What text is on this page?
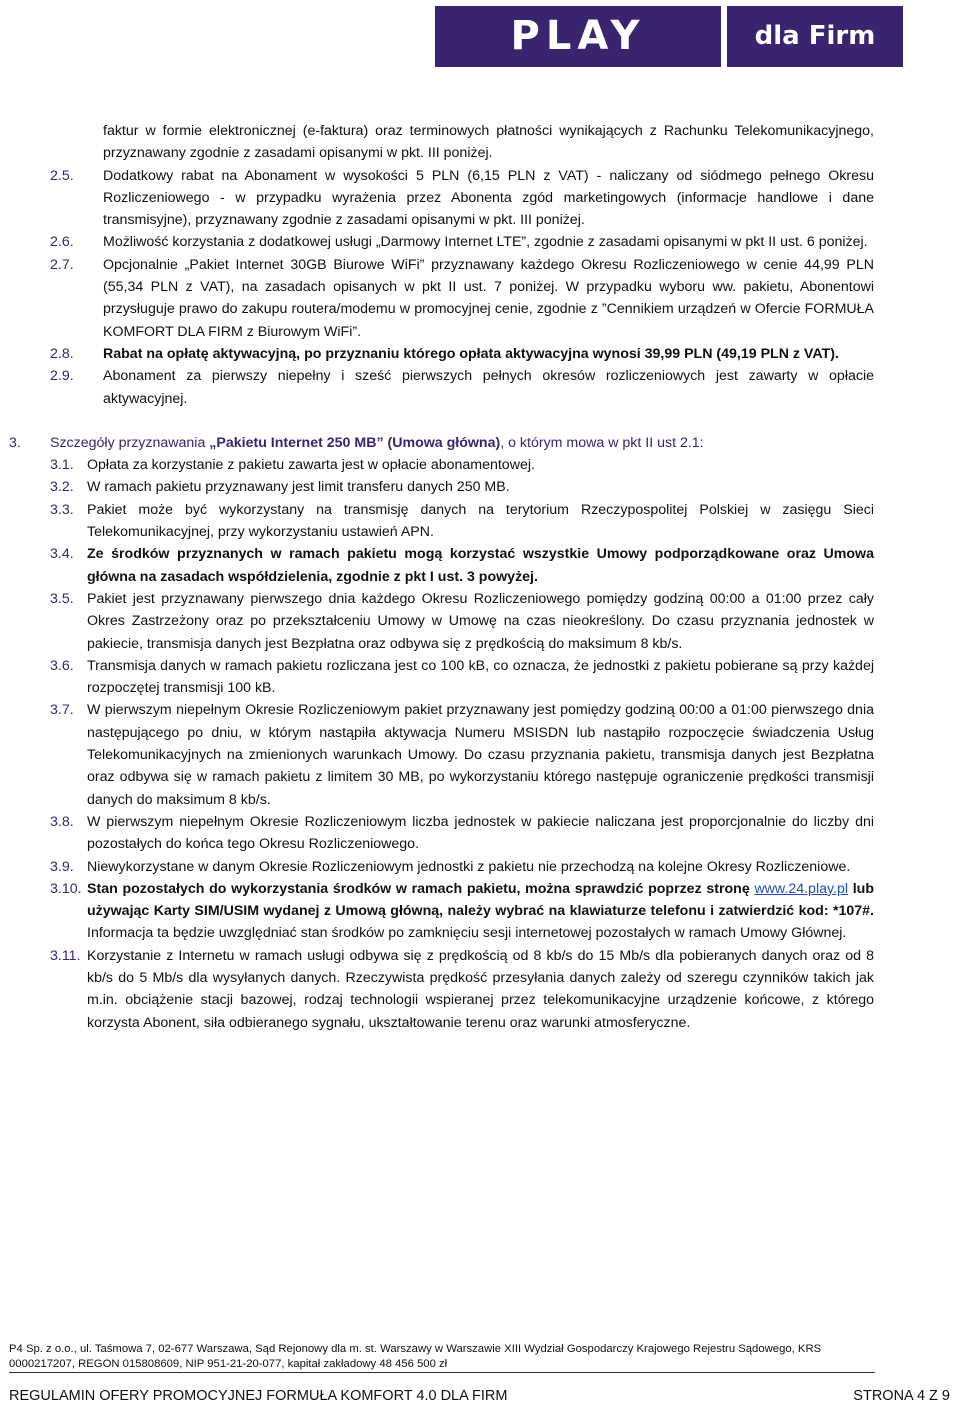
PLAY	dla Firm
faktur w formie elektronicznej (e-faktura) oraz terminowych płatności wynikających z Rachunku Telekomunikacyjnego, przyznawany zgodnie z zasadami opisanymi w pkt. III poniżej.
2.5. Dodatkowy rabat na Abonament w wysokości 5 PLN (6,15 PLN z VAT) - naliczany od siódmego pełnego Okresu Rozliczeniowego - w przypadku wyrażenia przez Abonenta zgód marketingowych (informacje handlowe i dane transmisyjne), przyznawany zgodnie z zasadami opisanymi w pkt. III poniżej.
2.6. Możliwość korzystania z dodatkowej usługi „Darmowy Internet LTE”, zgodnie z zasadami opisanymi w pkt II ust. 6 poniżej.
2.7. Opcjonalnie „Pakiet Internet 30GB Biurowe WiFi” przyznawany każdego Okresu Rozliczeniowego w cenie 44,99 PLN (55,34 PLN z VAT), na zasadach opisanych w pkt II ust. 7 poniżej. W przypadku wyboru ww. pakietu, Abonentowi przysługuje prawo do zakupu routera/modemu w promocyjnej cenie, zgodnie z ”Cennikiem urządzeń w Ofercie FORMUŁA KOMFORT DLA FIRM z Biurowym WiFi”.
2.8. Rabat na opłatę aktywacyjną, po przyznaniu którego opłata aktywacyjna wynosi 39,99 PLN (49,19 PLN z VAT).
2.9. Abonament za pierwszy niepełny i sześć pierwszych pełnych okresów rozliczeniowych jest zawarty w opłacie aktywacyjnej.
3. Szczegóły przyznawania „Pakietu Internet 250 MB” (Umowa główna), o którym mowa w pkt II ust 2.1:
3.1. Opłata za korzystanie z pakietu zawarta jest w opłacie abonamentowej.
3.2. W ramach pakietu przyznawany jest limit transferu danych 250 MB.
3.3. Pakiet może być wykorzystany na transmisję danych na terytorium Rzeczypospolitej Polskiej w zasięgu Sieci Telekomunikacyjnej, przy wykorzystaniu ustawień APN.
3.4. Ze środków przyznanych w ramach pakietu mogą korzystać wszystkie Umowy podporządkowane oraz Umowa główna na zasadach współdzielenia, zgodnie z pkt I ust. 3 powyżej.
3.5. Pakiet jest przyznawany pierwszego dnia każdego Okresu Rozliczeniowego pomiędzy godziną 00:00 a 01:00 przez cały Okres Zastrzeżony oraz po przekształceniu Umowy w Umowę na czas nieokreślony. Do czasu przyznania jednostek w pakiecie, transmisja danych jest Bezpłatna oraz odbywa się z prędkością do maksimum 8 kb/s.
3.6. Transmisja danych w ramach pakietu rozliczana jest co 100 kB, co oznacza, że jednostki z pakietu pobierane są przy każdej rozpoczętej transmisji 100 kB.
3.7. W pierwszym niepełnym Okresie Rozliczeniowym pakiet przyznawany jest pomiędzy godziną 00:00 a 01:00 pierwszego dnia następującego po dniu, w którym nastąpiła aktywacja Numeru MSISDN lub nastąpiło rozpoczęcie świadczenia Usług Telekomunikacyjnych na zmienionych warunkach Umowy. Do czasu przyznania pakietu, transmisja danych jest Bezpłatna oraz odbywa się w ramach pakietu z limitem 30 MB, po wykorzystaniu którego następuje ograniczenie prędkości transmisji danych do maksimum 8 kb/s.
3.8. W pierwszym niepełnym Okresie Rozliczeniowym liczba jednostek w pakiecie naliczana jest proporcjonalnie do liczby dni pozostałych do końca tego Okresu Rozliczeniowego.
3.9. Niewykorzystane w danym Okresie Rozliczeniowym jednostki z pakietu nie przechodzą na kolejne Okresy Rozliczeniowe.
3.10. Stan pozostałych do wykorzystania środków w ramach pakietu, można sprawdzić poprzez stronę www.24.play.pl lub używając Karty SIM/USIM wydanej z Umową główną, należy wybrać na klawiaturze telefonu i zatwierdzić kod: *107#. Informacja ta będzie uwzględniać stan środków po zamknięciu sesji internetowej pozostałych w ramach Umowy Głównej.
3.11. Korzystanie z Internetu w ramach usługi odbywa się z prędkością od 8 kb/s do 15 Mb/s dla pobieranych danych oraz od 8 kb/s do 5 Mb/s dla wysyłanych danych. Rzeczywista prędkość przesyłania danych zależy od szeregu czynników takich jak m.in. obciążenie stacji bazowej, rodzaj technologii wspieranej przez telekomunikacyjne urządzenie końcowe, z którego korzysta Abonent, siła odbieranego sygnału, ukształtowanie terenu oraz warunki atmosferyczne.
P4 Sp. z o.o., ul. Taśmowa 7, 02-677 Warszawa, Sąd Rejonowy dla m. st. Warszawy w Warszawie XIII Wydział Gospodarczy Krajowego Rejestru Sądowego, KRS 0000217207, REGON 015808609, NIP 951-21-20-077, kapitał zakładowy 48 456 500 zł
REGULAMIN OFERY PROMOCYJNEJ FORMUŁA KOMFORT 4.0 DLA FIRM	STRONA 4 Z 9
